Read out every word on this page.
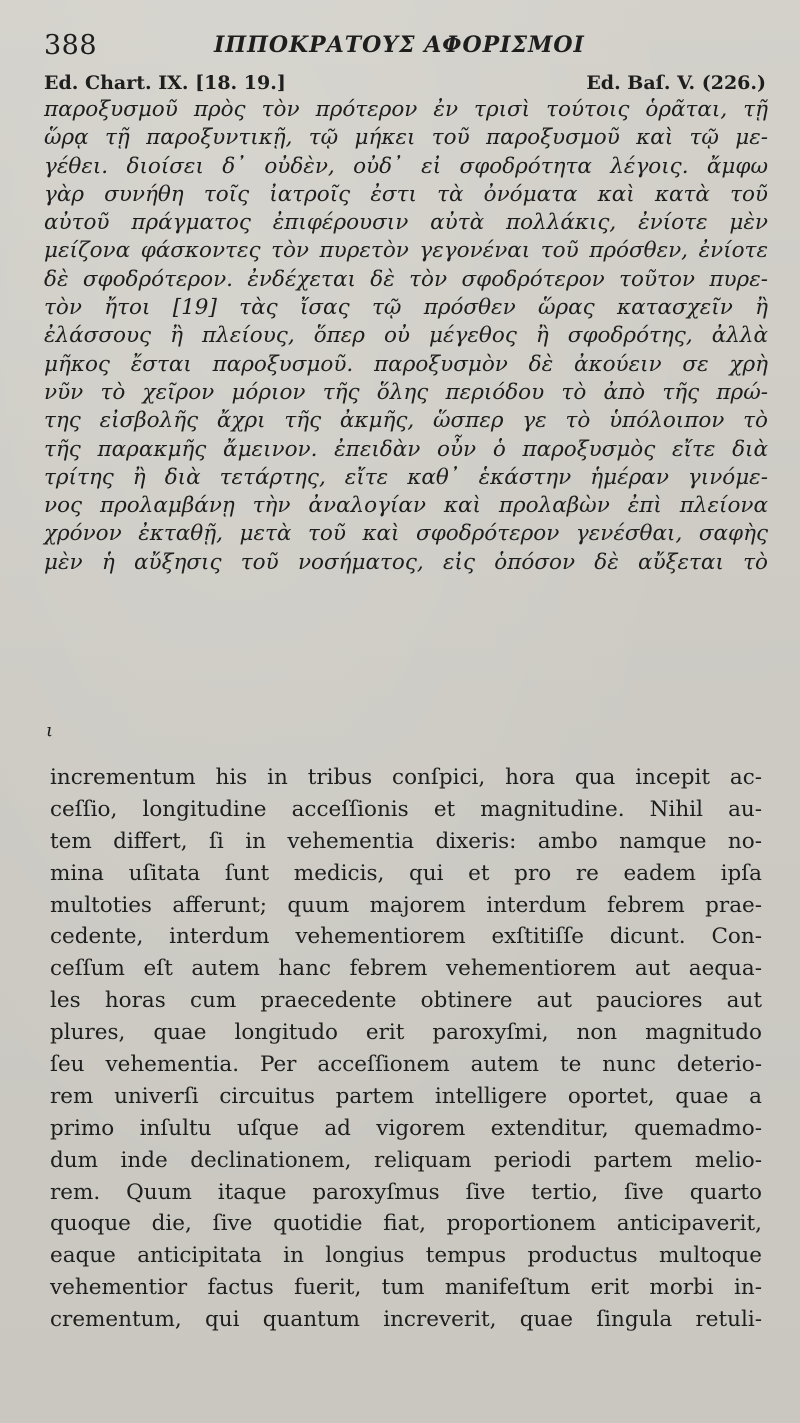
388	ΙΠΠΟΚΡΑΤΟΥΣ ΑΦΟΡΙΣΜΟΙ
Ed. Chart. IX. [18. 19.]	Ed. Baſ. V. (226.)
παροξυσμοῦ πρὸς τὸν πρότερον ἐν τρισὶ τούτοις ὁρᾶται, τῇ
ὥρᾳ τῇ παροξυντικῇ, τῷ μήκει τοῦ παροξυσμοῦ καὶ τῷ με-
γέθει. διοίσει δ᾽ οὐδὲν, οὐδ᾽ εἰ σφοδρότητα λέγοις. ἄμφω
γὰρ συνήθη τοῖς ἰατροῖς ἐστι τὰ ὀνόματα καὶ κατὰ τοῦ
αὐτοῦ πράγματος ἐπιφέρουσιν αὐτὰ πολλάκις, ἐνίοτε μὲν
μείζονα φάσκοντες τὸν πυρετὸν γεγονέναι τοῦ πρόσθεν, ἐνίοτε
δὲ σφοδρότερον. ἐνδέχεται δὲ τὸν σφοδρότερον τοῦτον πυρε-
τὸν ἤτοι [19] τὰς ἴσας τῷ πρόσθεν ὥρας κατασχεῖν ἢ
ἐλάσσους ἢ πλείους, ὅπερ οὐ μέγεθος ἢ σφοδρότης, ἀλλὰ
μῆκος ἔσται παροξυσμοῦ. παροξυσμὸν δὲ ἀκούειν σε χρὴ
νῦν τὸ χεῖρον μόριον τῆς ὅλης περιόδου τὸ ἀπὸ τῆς πρώ-
της εἰσβολῆς ἄχρι τῆς ἀκμῆς, ὥσπερ γε τὸ ὑπόλοιπον τὸ
τῆς παρακμῆς ἄμεινον. ἐπειδὰν οὖν ὁ παροξυσμὸς εἴτε διὰ
τρίτης ἢ διὰ τετάρτης, εἴτε καθ᾽ ἑκάστην ἡμέραν γινόμε-
νος προλαμβάνῃ τὴν ἀναλογίαν καὶ προλαβὼν ἐπὶ πλείονα
χρόνον ἐκταθῇ, μετὰ τοῦ καὶ σφοδρότερον γενέσθαι, σαφὴς
μὲν ἡ αὔξησις τοῦ νοσήματος, εἰς ὁπόσον δὲ αὔξεται τὸ
ι
incrementum his in tribus conſpici, hora qua incepit ac-
ceſſio, longitudine acceſſionis et magnitudine. Nihil au-
tem differt, ſi in vehementia dixeris: ambo namque no-
mina uſitata ſunt medicis, qui et pro re eadem ipſa
multoties afferunt; quum majorem interdum febrem prae-
cedente, interdum vehementiorem exſtitiſſe dicunt. Con-
ceſſum eſt autem hanc febrem vehementiorem aut aequa-
les horas cum praecedente obtinere aut pauciores aut
plures, quae longitudo erit paroxyſmi, non magnitudo
ſeu vehementia. Per acceſſionem autem te nunc deterio-
rem univerſi circuitus partem intelligere oportet, quae a
primo inſultu uſque ad vigorem extenditur, quemadmo-
dum inde declinationem, reliquam periodi partem melio-
rem. Quum itaque paroxyſmus ſive tertio, ſive quarto
quoque die, ſive quotidie fiat, proportionem anticipaverit,
eaque anticipitata in longius tempus productus multoque
vehementior factus fuerit, tum manifeſtum erit morbi in-
crementum, qui quantum increverit, quae ſingula retuli-
